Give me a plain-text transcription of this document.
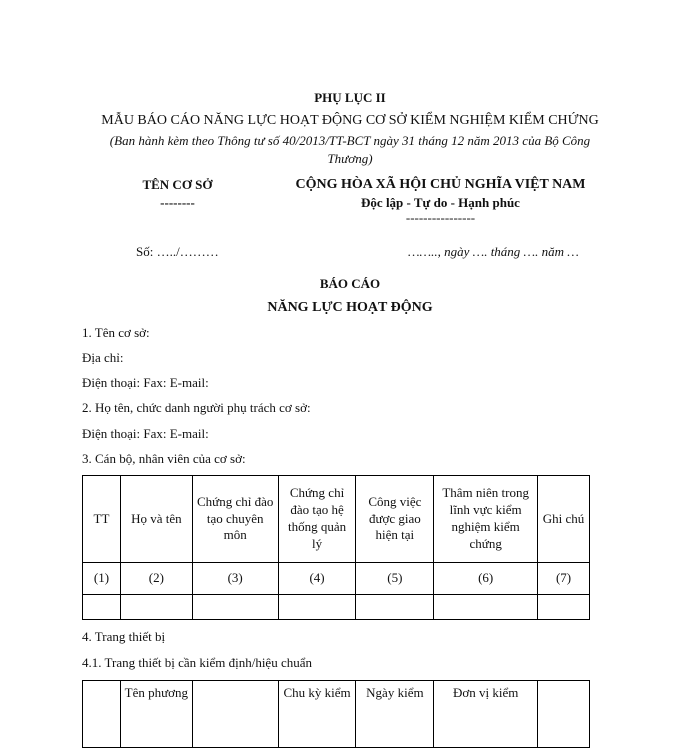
PHỤ LỤC II
MẪU BÁO CÁO NĂNG LỰC HOẠT ĐỘNG CƠ SỞ KIỂM NGHIỆM KIỂM CHỨNG
(Ban hành kèm theo Thông tư số 40/2013/TT-BCT ngày 31 tháng 12 năm 2013 của Bộ Công
Thương)
TÊN CƠ SỞ
--------
CỘNG HÒA XÃ HỘI CHỦ NGHĨA VIỆT NAM
Độc lập - Tự do - Hạnh phúc
----------------
Số: …../………	…….., ngày …. tháng …. năm …
BÁO CÁO
NĂNG LỰC HOẠT ĐỘNG
1. Tên cơ sở:
Địa chỉ:
Điện thoại: Fax: E-mail:
2. Họ tên, chức danh người phụ trách cơ sở:
Điện thoại: Fax: E-mail:
3. Cán bộ, nhân viên của cơ sở:
TT	Họ và tên	Chứng chỉ đào tạo chuyên môn	Chứng chỉ đào tạo hệ thống quản lý	Công việc được giao hiện tại	Thâm niên trong lĩnh vực kiểm nghiệm kiểm chứng	Ghi chú
(1)	(2)	(3)	(4)	(5)	(6)	(7)

4. Trang thiết bị
4.1. Trang thiết bị cần kiểm định/hiệu chuẩn
	Tên phương		Chu kỳ kiểm	Ngày kiểm	Đơn vị kiểm	
